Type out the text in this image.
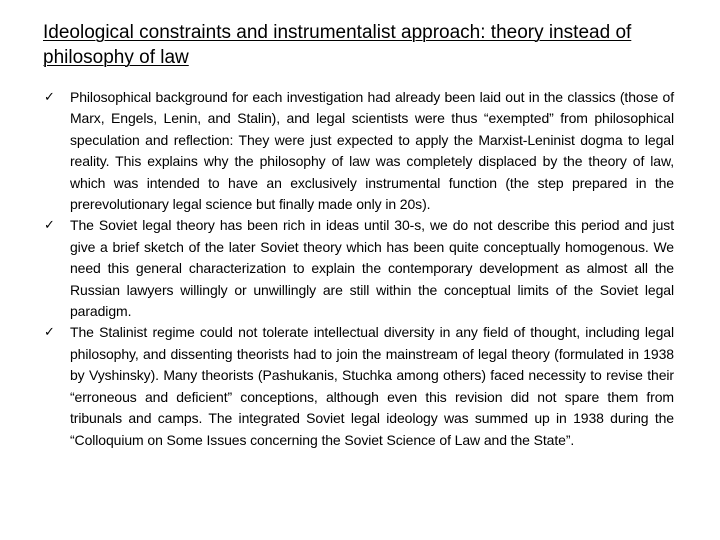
Ideological constraints and instrumentalist approach: theory instead of philosophy of law
✓	Philosophical background for each investigation had already been laid out in the classics (those of Marx, Engels, Lenin, and Stalin), and legal scientists were thus “exempted” from philosophical speculation and reflection: They were just expected to apply the Marxist-Leninist dogma to legal reality. This explains why the philosophy of law was completely displaced by the theory of law, which was intended to have an exclusively instrumental function (the step prepared in the prerevolutionary legal science but finally made only in 20s).
✓	The Soviet legal theory has been rich in ideas until 30-s, we do not describe this period and just give a brief sketch of the later Soviet theory which has been quite conceptually homogenous. We need this general characterization to explain the contemporary development as almost all the Russian lawyers willingly or unwillingly are still within the conceptual limits of the Soviet legal paradigm.
✓	The Stalinist regime could not tolerate intellectual diversity in any field of thought, including legal philosophy, and dissenting theorists had to join the mainstream of legal theory (formulated in 1938 by Vyshinsky). Many theorists (Pashukanis, Stuchka among others) faced necessity to revise their “erroneous and deficient” conceptions, although even this revision did not spare them from tribunals and camps. The integrated Soviet legal ideology was summed up in 1938 during the “Colloquium on Some Issues concerning the Soviet Science of Law and the State”.
